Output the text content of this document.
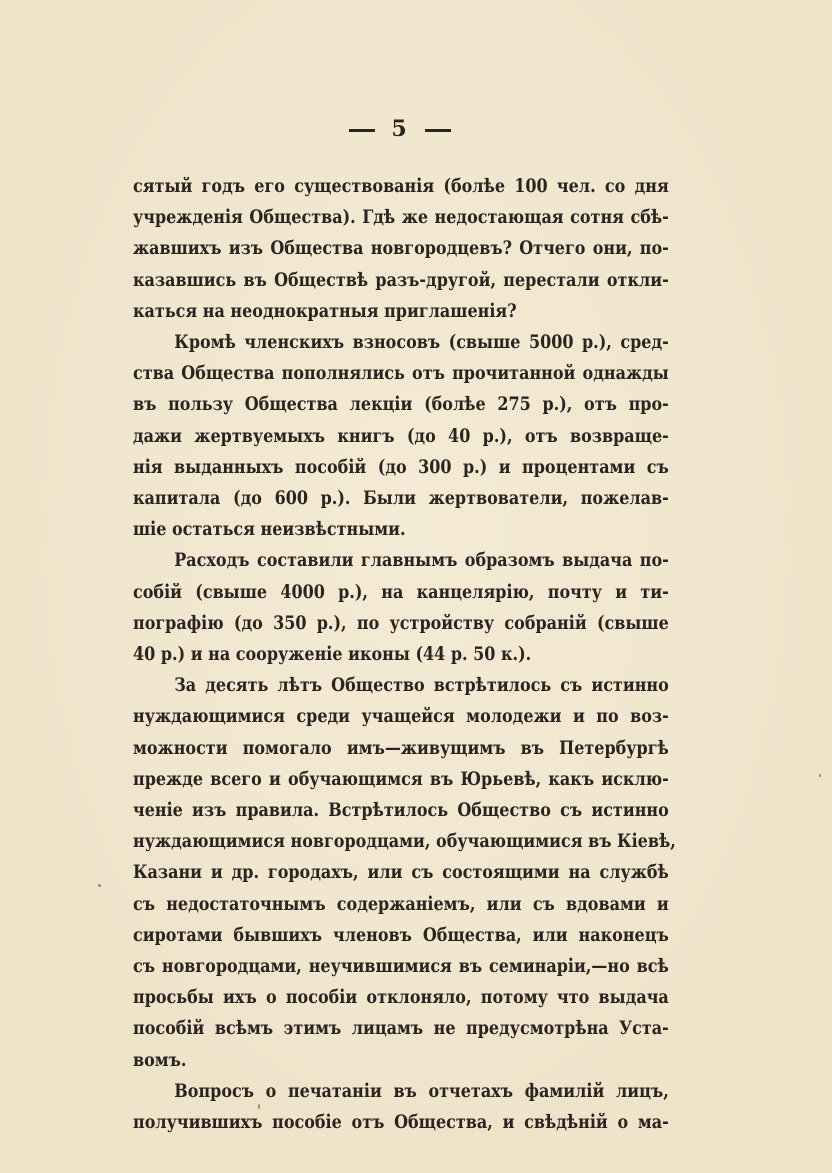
5
сятый годъ его существованія (болѣе 100 чел. со дня
учрежденія Общества). Гдѣ же недостающая сотня сбѣ-
жавшихъ изъ Общества новгородцевъ? Отчего они, по-
казавшись въ Обществѣ разъ-другой, перестали откли-
каться на неоднократныя приглашенія?
Кромѣ членскихъ взносовъ (свыше 5000 р.), сред-
ства Общества пополнялись отъ прочитанной однажды
въ пользу Общества лекціи (болѣе 275 р.), отъ про-
дажи жертвуемыхъ книгъ (до 40 р.), отъ возвраще-
нія выданныхъ пособій (до 300 р.) и процентами съ
капитала (до 600 р.). Были жертвователи, пожелав-
шіе остаться неизвѣстными.
Расходъ составили главнымъ образомъ выдача по-
собій (свыше 4000 р.), на канцелярію, почту и ти-
пографію (до 350 р.), по устройству собраній (свыше
40 р.) и на сооруженіе иконы (44 р. 50 к.).
За десять лѣтъ Общество встрѣтилось съ истинно
нуждающимися среди учащейся молодежи и по воз-
можности помогало имъ—живущимъ въ Петербургѣ
прежде всего и обучающимся въ Юрьевѣ, какъ исклю-
ченіе изъ правила. Встрѣтилось Общество съ истинно
нуждающимися новгородцами, обучающимися въ Кіевѣ,
Казани и др. городахъ, или съ состоящими на службѣ
съ недостаточнымъ содержаніемъ, или съ вдовами и
сиротами бывшихъ членовъ Общества, или наконецъ
съ новгородцами, неучившимися въ семинаріи,—но всѣ
просьбы ихъ о пособіи отклоняло, потому что выдача
пособій всѣмъ этимъ лицамъ не предусмотрѣна Уста-
вомъ.
Вопросъ о печатаніи въ отчетахъ фамилій лицъ,
получившихъ пособіе отъ Общества, и свѣдѣній о ма-
